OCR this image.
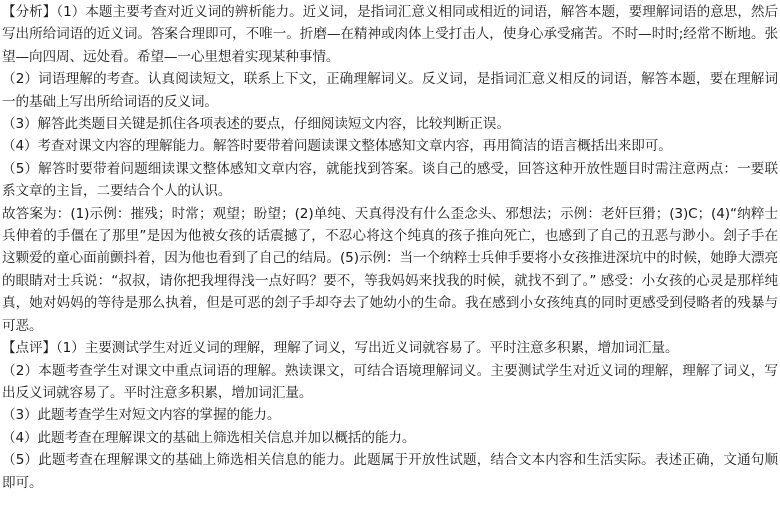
【分析】（1）本题主要考查对近义词的辨析能力。近义词，是指词汇意义相同或相近的词语，解答本题，要理解词语的意思，然后写出所给词语的近义词。答案合理即可，不唯一。折磨—在精神或肉体上受打击人，使身心承受痛苦。不时—时时;经常不断地。张望—向四周、远处看。希望—一心里想着实现某种事情。

（2）词语理解的考查。认真阅读短文，联系上下文，正确理解词义。反义词，是指词汇意义相反的词语，解答本题，要在理解词一的基础上写出所给词语的反义词。

（3）解答此类题目关键是抓住各项表述的要点，仔细阅读短文内容，比较判断正误。

（4）考查对课文内容的理解能力。解答时要带着问题读课文整体感知文章内容，再用简洁的语言概括出来即可。

（5）解答时要带着问题细读课文整体感知文章内容，就能找到答案。谈自己的感受，回答这种开放性题目时需注意两点：一要联系文章的主旨，二要结合个人的认识。

故答案为：(1)示例：摧残；时常；观望；盼望；(2)单纯、天真得没有什么歪念头、邪想法；示例：老奸巨猾；(3)C；(4)“纳粹士兵伸着的手僵在了那里”是因为他被女孩的话震撼了，不忍心将这个纯真的孩子推向死亡，也感到了自己的丑恶与渺小。刽子手在这颗爱的童心面前颤抖着，因为他也看到了自己的结局。(5)示例：当一个纳粹士兵伸手要将小女孩推进深坑中的时候，她睁大漂亮的眼睛对士兵说：“叔叔，请你把我埋得浅一点好吗？要不，等我妈妈来找我的时候，就找不到了。” 感受：小女孩的心灵是那样纯真，她对妈妈的等待是那么执着，但是可恶的刽子手却夺去了她幼小的生命。我在感到小女孩纯真的同时更感受到侵略者的残暴与可恶。

【点评】（1）主要测试学生对近义词的理解，理解了词义，写出近义词就容易了。平时注意多积累，增加词汇量。

（2）本题考查学生对课文中重点词语的理解。熟读课文，可结合语境理解词义。主要测试学生对近义词的理解，理解了词义，写出反义词就容易了。平时注意多积累，增加词汇量。

（3）此题考查学生对短文内容的掌握的能力。

（4）此题考查在理解课文的基础上筛选相关信息并加以概括的能力。

（5）此题考查在理解课文的基础上筛选相关信息的能力。此题属于开放性试题，结合文本内容和生活实际。表述正确，文通句顺即可。
